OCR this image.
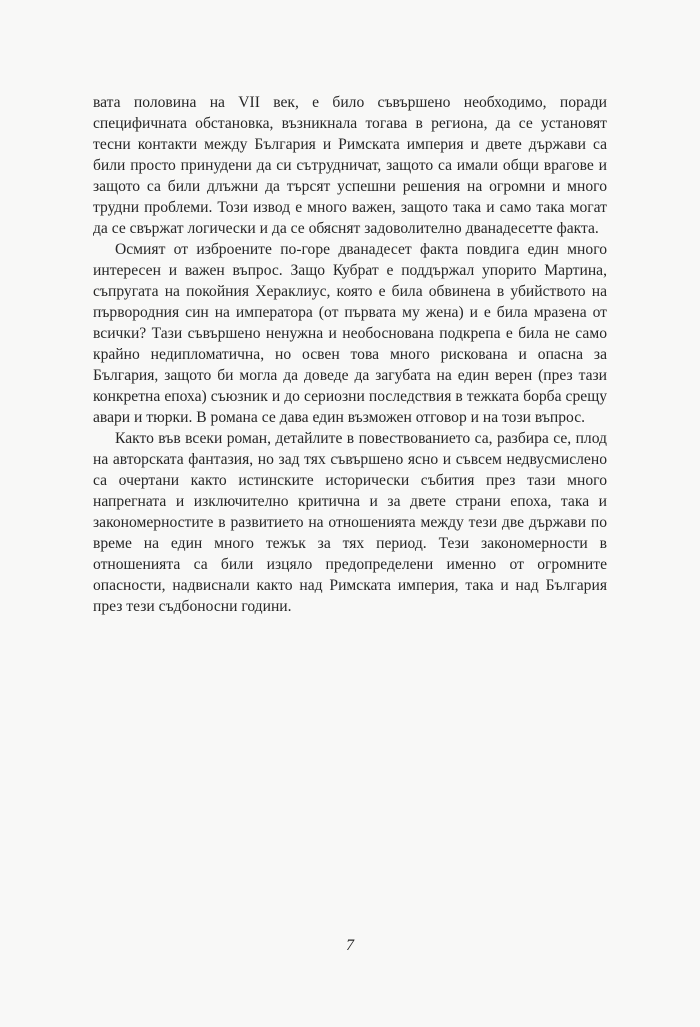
вата половина на VII век, е било съвършено необходимо, поради специфичната обстановка, възникнала тогава в региона, да се установят тесни контакти между България и Римската империя и двете държави са били просто принудени да си сътрудничат, защото са имали общи врагове и защото са били длъжни да търсят успешни решения на огромни и много трудни проблеми. Този извод е много важен, защото така и само така могат да се свържат логически и да се обяснят задоволително дванадесетте факта.

Осмият от изброените по-горе дванадесет факта повдига един много интересен и важен въпрос. Защо Кубрат е поддържал упорито Мартина, съпругата на покойния Хераклиус, която е била обвинена в убийството на първородния син на императора (от първата му жена) и е била мразена от всички? Тази съвършено ненужна и необоснована подкрепа е била не само крайно недипломатична, но освен това много рискована и опасна за България, защото би могла да доведе да загубата на един верен (през тази конкретна епоха) съюзник и до сериозни последствия в тежката борба срещу авари и тюрки. В романа се дава един възможен отговор и на този въпрос.

Както във всеки роман, детайлите в повествованието са, разбира се, плод на авторската фантазия, но зад тях съвършено ясно и съвсем недвусмислено са очертани както истинските исторически събития през тази много напрегната и изключително критична и за двете страни епоха, така и закономерностите в развитието на отношенията между тези две държави по време на един много тежък за тях период. Тези закономерности в отношенията са били изцяло предопределени именно от огромните опасности, надвиснали както над Римската империя, така и над България през тези съдбоносни години.

7
